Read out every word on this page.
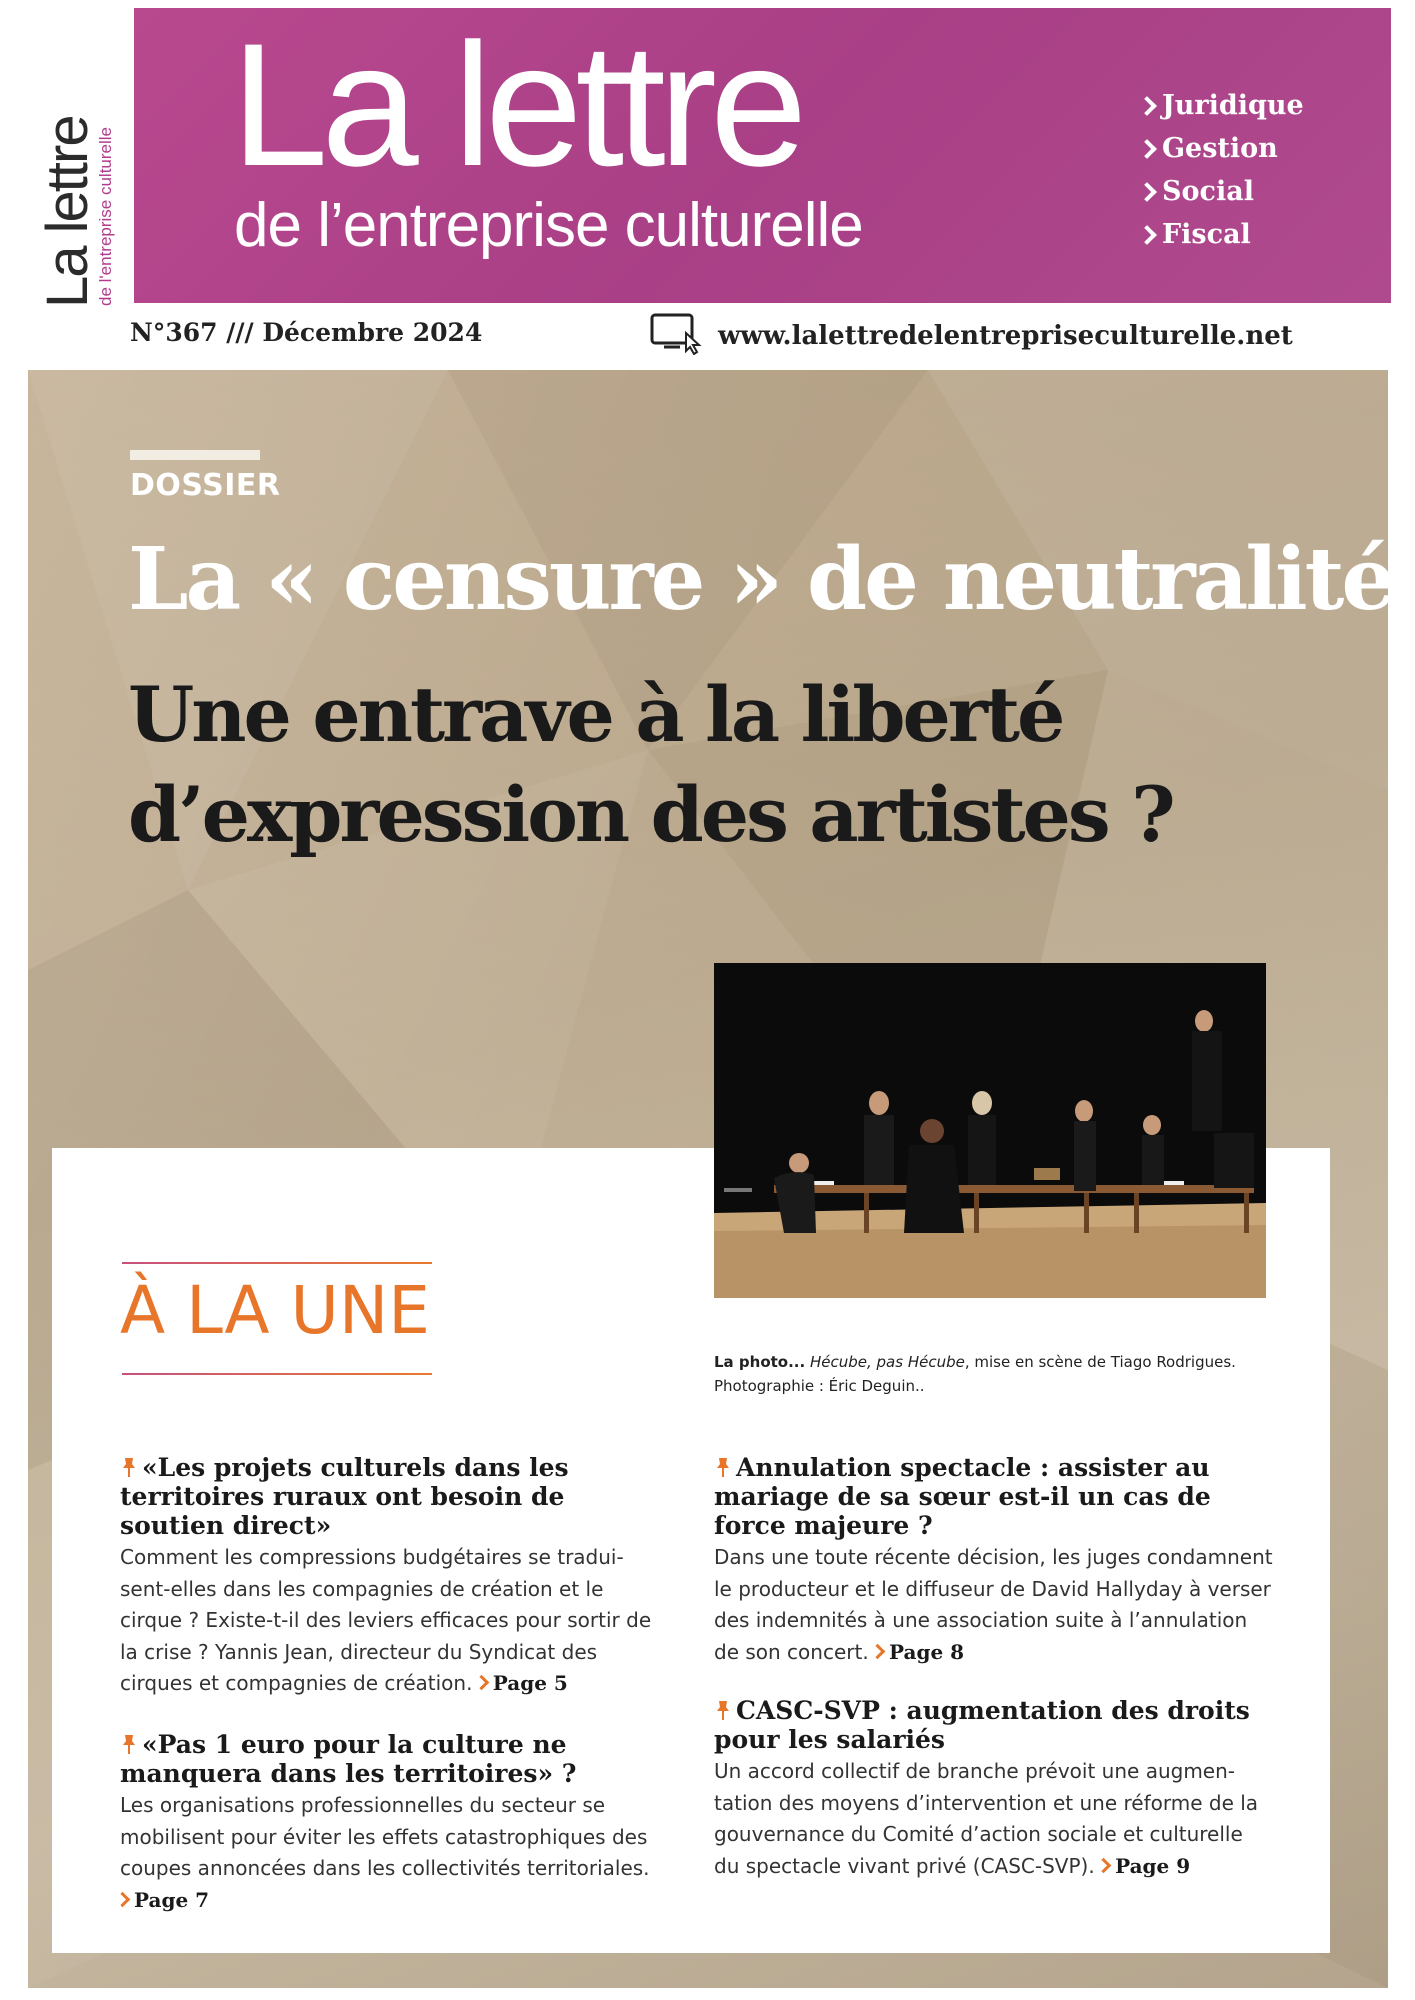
La lettre
de l'entreprise culturelle
La lettre
de l’entreprise culturelle
Juridique
Gestion
Social
Fiscal
N°367 /// Décembre 2024	www.lalettredelentrepriseculturelle.net
DOSSIER
La « censure » de neutralité
Une entrave à la liberté
d’expression des artistes ?
La photo... Hécube, pas Hécube, mise en scène de Tiago Rodrigues.
Photographie : Éric Deguin..
À LA UNE
«Les projets culturels dans les territoires ruraux ont besoin de soutien direct»
Comment les compressions budgétaires se tradui-sent-elles dans les compagnies de création et le cirque ? Existe-t-il des leviers efficaces pour sortir de la crise ? Yannis Jean, directeur du Syndicat des cirques et compagnies de création. Page 5
«Pas 1 euro pour la culture ne manquera dans les territoires» ?
Les organisations professionnelles du secteur se mobilisent pour éviter les effets catastrophiques des coupes annoncées dans les collectivités territoriales. Page 7
Annulation spectacle : assister au mariage de sa sœur est-il un cas de force majeure ?
Dans une toute récente décision, les juges condamnent le producteur et le diffuseur de David Hallyday à verser des indemnités à une association suite à l’annulation de son concert. Page 8
CASC-SVP : augmentation des droits pour les salariés
Un accord collectif de branche prévoit une augmen-tation des moyens d’intervention et une réforme de la gouvernance du Comité d’action sociale et culturelle du spectacle vivant privé (CASC-SVP). Page 9
